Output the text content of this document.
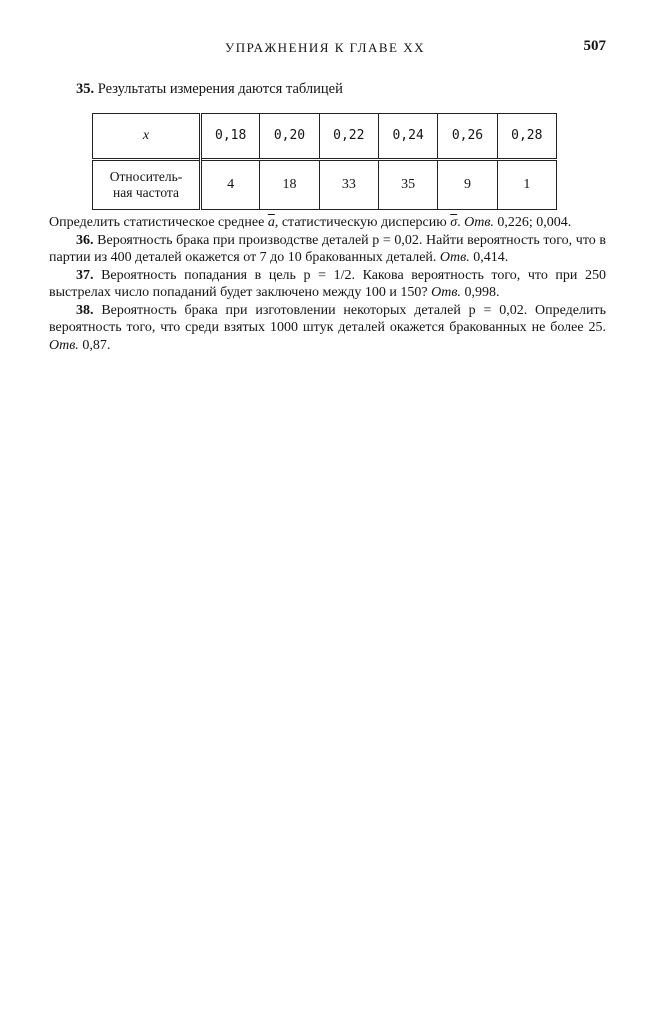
УПРАЖНЕНИЯ К ГЛАВЕ XX	507
35. Результаты измерения даются таблицей
x	0,18	0,20	0,22	0,24	0,26	0,28

Относитель-
ная частота	4	18	33	35	9	1

Определить статистическое среднее $\overline{a}$, статистическую дисперсию $\overline{\sigma}$. Отв. 0,226; 0,004.

36. Вероятность брака при производстве деталей p = 0,02. Найти вероятность того, что в партии из 400 деталей окажется от 7 до 10 бракованных деталей. Отв. 0,414.

37. Вероятность попадания в цель p = 1/2. Какова вероятность того, что при 250 выстрелах число попаданий будет заключено между 100 и 150? Отв. 0,998.

38. Вероятность брака при изготовлении некоторых деталей p = 0,02. Определить вероятность того, что среди взятых 1000 штук деталей окажется бракованных не более 25. Отв. 0,87.
